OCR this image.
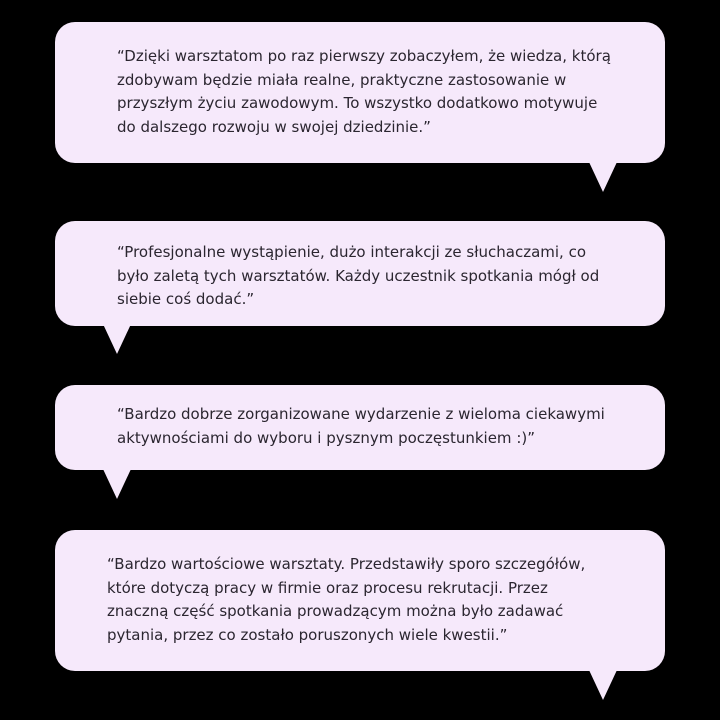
“Dzięki warsztatom po raz pierwszy zobaczyłem, że wiedza, którą
zdobywam będzie miała realne, praktyczne zastosowanie w
przyszłym życiu zawodowym. To wszystko dodatkowo motywuje
do dalszego rozwoju w swojej dziedzinie.”

“Profesjonalne wystąpienie, dużo interakcji ze słuchaczami, co
było zaletą tych warsztatów. Każdy uczestnik spotkania mógł od
siebie coś dodać.”

“Bardzo dobrze zorganizowane wydarzenie z wieloma ciekawymi
aktywnościami do wyboru i pysznym poczęstunkiem :)”

“Bardzo wartościowe warsztaty. Przedstawiły sporo szczegółów,
które dotyczą pracy w firmie oraz procesu rekrutacji. Przez
znaczną część spotkania prowadzącym można było zadawać
pytania, przez co zostało poruszonych wiele kwestii.”
